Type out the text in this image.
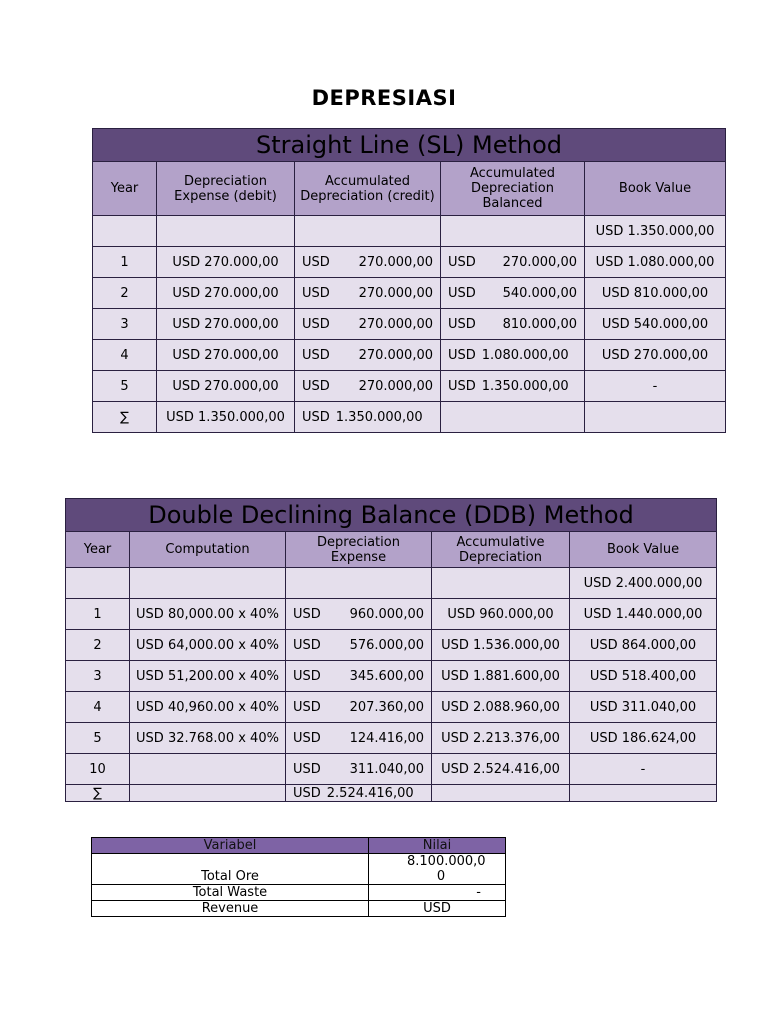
DEPRESIASI
Straight Line (SL) Method				
Year	Depreciation Expense (debit)	Accumulated Depreciation (credit)	Accumulated Depreciation Balanced	Book Value
				USD 1.350.000,00
1	USD 270.000,00	USD 270.000,00	USD 270.000,00	USD 1.080.000,00
2	USD 270.000,00	USD 270.000,00	USD 540.000,00	USD 810.000,00
3	USD 270.000,00	USD 270.000,00	USD 810.000,00	USD 540.000,00
4	USD 270.000,00	USD 270.000,00	USD 1.080.000,00	USD 270.000,00
5	USD 270.000,00	USD 270.000,00	USD 1.350.000,00	-
∑	USD 1.350.000,00	USD 1.350.000,00		

Double Declining Balance (DDB) Method				
Year	Computation	Depreciation Expense	Accumulative Depreciation	Book Value
				USD 2.400.000,00
1	USD 80,000.00 x 40%	USD 960.000,00	USD 960.000,00	USD 1.440.000,00
2	USD 64,000.00 x 40%	USD 576.000,00	USD 1.536.000,00	USD 864.000,00
3	USD 51,200.00 x 40%	USD 345.600,00	USD 1.881.600,00	USD 518.400,00
4	USD 40,960.00 x 40%	USD 207.360,00	USD 2.088.960,00	USD 311.040,00
5	USD 32.768.00 x 40%	USD 124.416,00	USD 2.213.376,00	USD 186.624,00
10		USD 311.040,00	USD 2.524.416,00	-
∑		USD 2.524.416,00		

Variabel	Nilai
Total Ore	8.100.000,0 0
Total Waste	-
Revenue	USD
